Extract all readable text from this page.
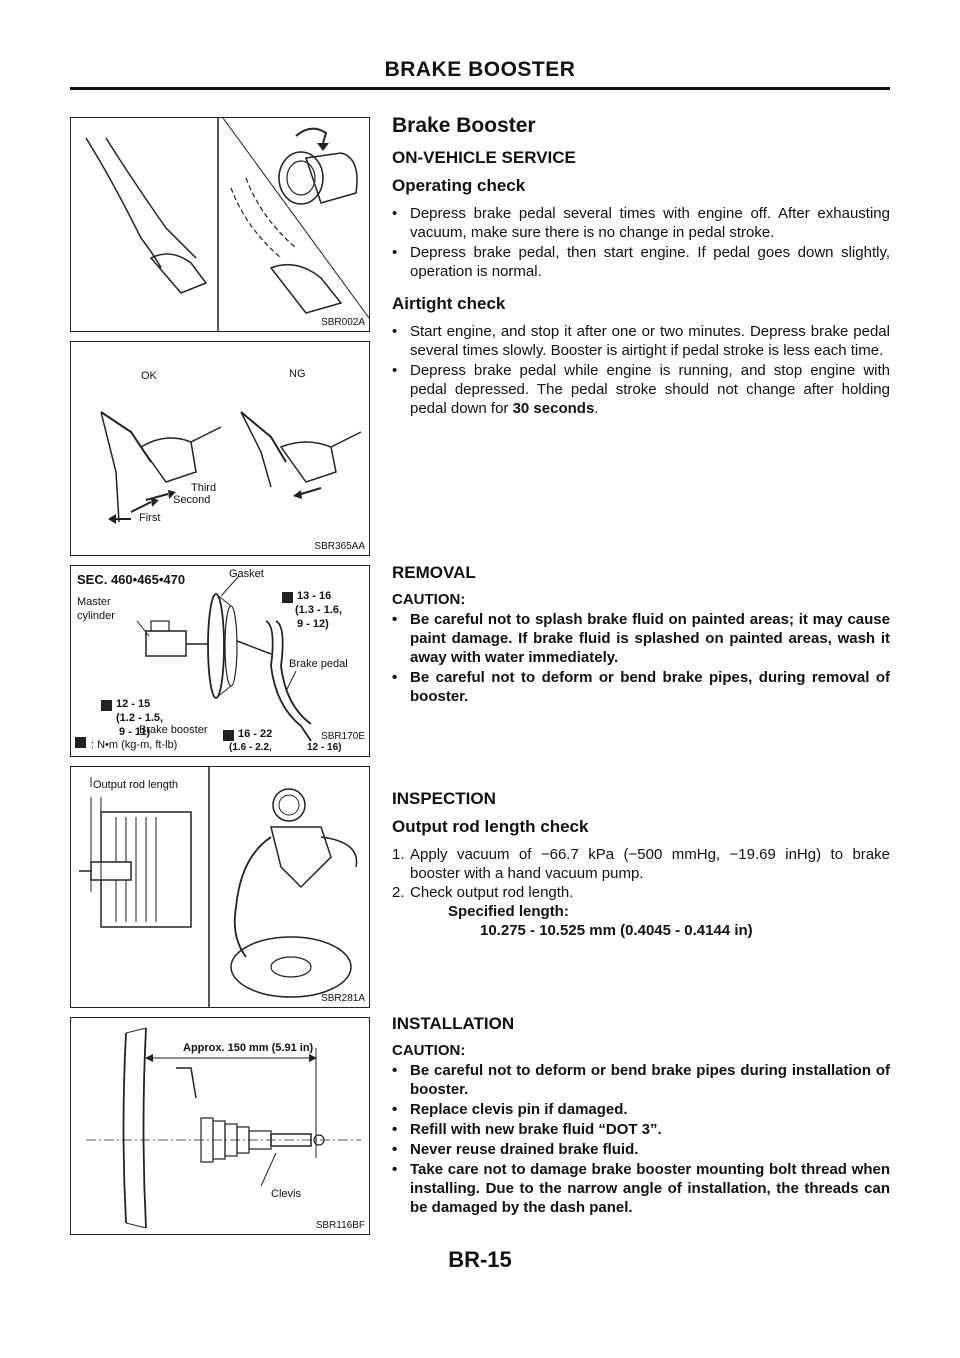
BRAKE BOOSTER
SBR002A
OK	NG
Third
Second
First
SBR365AA
SEC. 460•465•470	Gasket
Master
cylinder
13 - 16
(1.3 - 1.6,
9 - 12)
Brake pedal
12 - 15
(1.2 - 1.5,
9 - 11)
Brake booster	16 - 22
(1.6 - 2.2,
: N•m (kg-m, ft-lb)
SBR170E
12 - 16)
Output rod length
SBR281A
Approx. 150 mm (5.91 in)
Clevis
SBR116BF
Brake Booster
ON-VEHICLE SERVICE
Operating check
• Depress brake pedal several times with engine off. After exhausting vacuum, make sure there is no change in pedal stroke.
• Depress brake pedal, then start engine. If pedal goes down slightly, operation is normal.
Airtight check
• Start engine, and stop it after one or two minutes. Depress brake pedal several times slowly. Booster is airtight if pedal stroke is less each time.
• Depress brake pedal while engine is running, and stop engine with pedal depressed. The pedal stroke should not change after holding pedal down for 30 seconds.
REMOVAL
CAUTION:
• Be careful not to splash brake fluid on painted areas; it may cause paint damage. If brake fluid is splashed on painted areas, wash it away with water immediately.
• Be careful not to deform or bend brake pipes, during removal of booster.
INSPECTION
Output rod length check
1. Apply vacuum of −66.7 kPa (−500 mmHg, −19.69 inHg) to brake booster with a hand vacuum pump.
2. Check output rod length.
Specified length:
10.275 - 10.525 mm (0.4045 - 0.4144 in)
INSTALLATION
CAUTION:
• Be careful not to deform or bend brake pipes during installation of booster.
• Replace clevis pin if damaged.
• Refill with new brake fluid “DOT 3”.
• Never reuse drained brake fluid.
• Take care not to damage brake booster mounting bolt thread when installing. Due to the narrow angle of installation, the threads can be damaged by the dash panel.
BR-15
